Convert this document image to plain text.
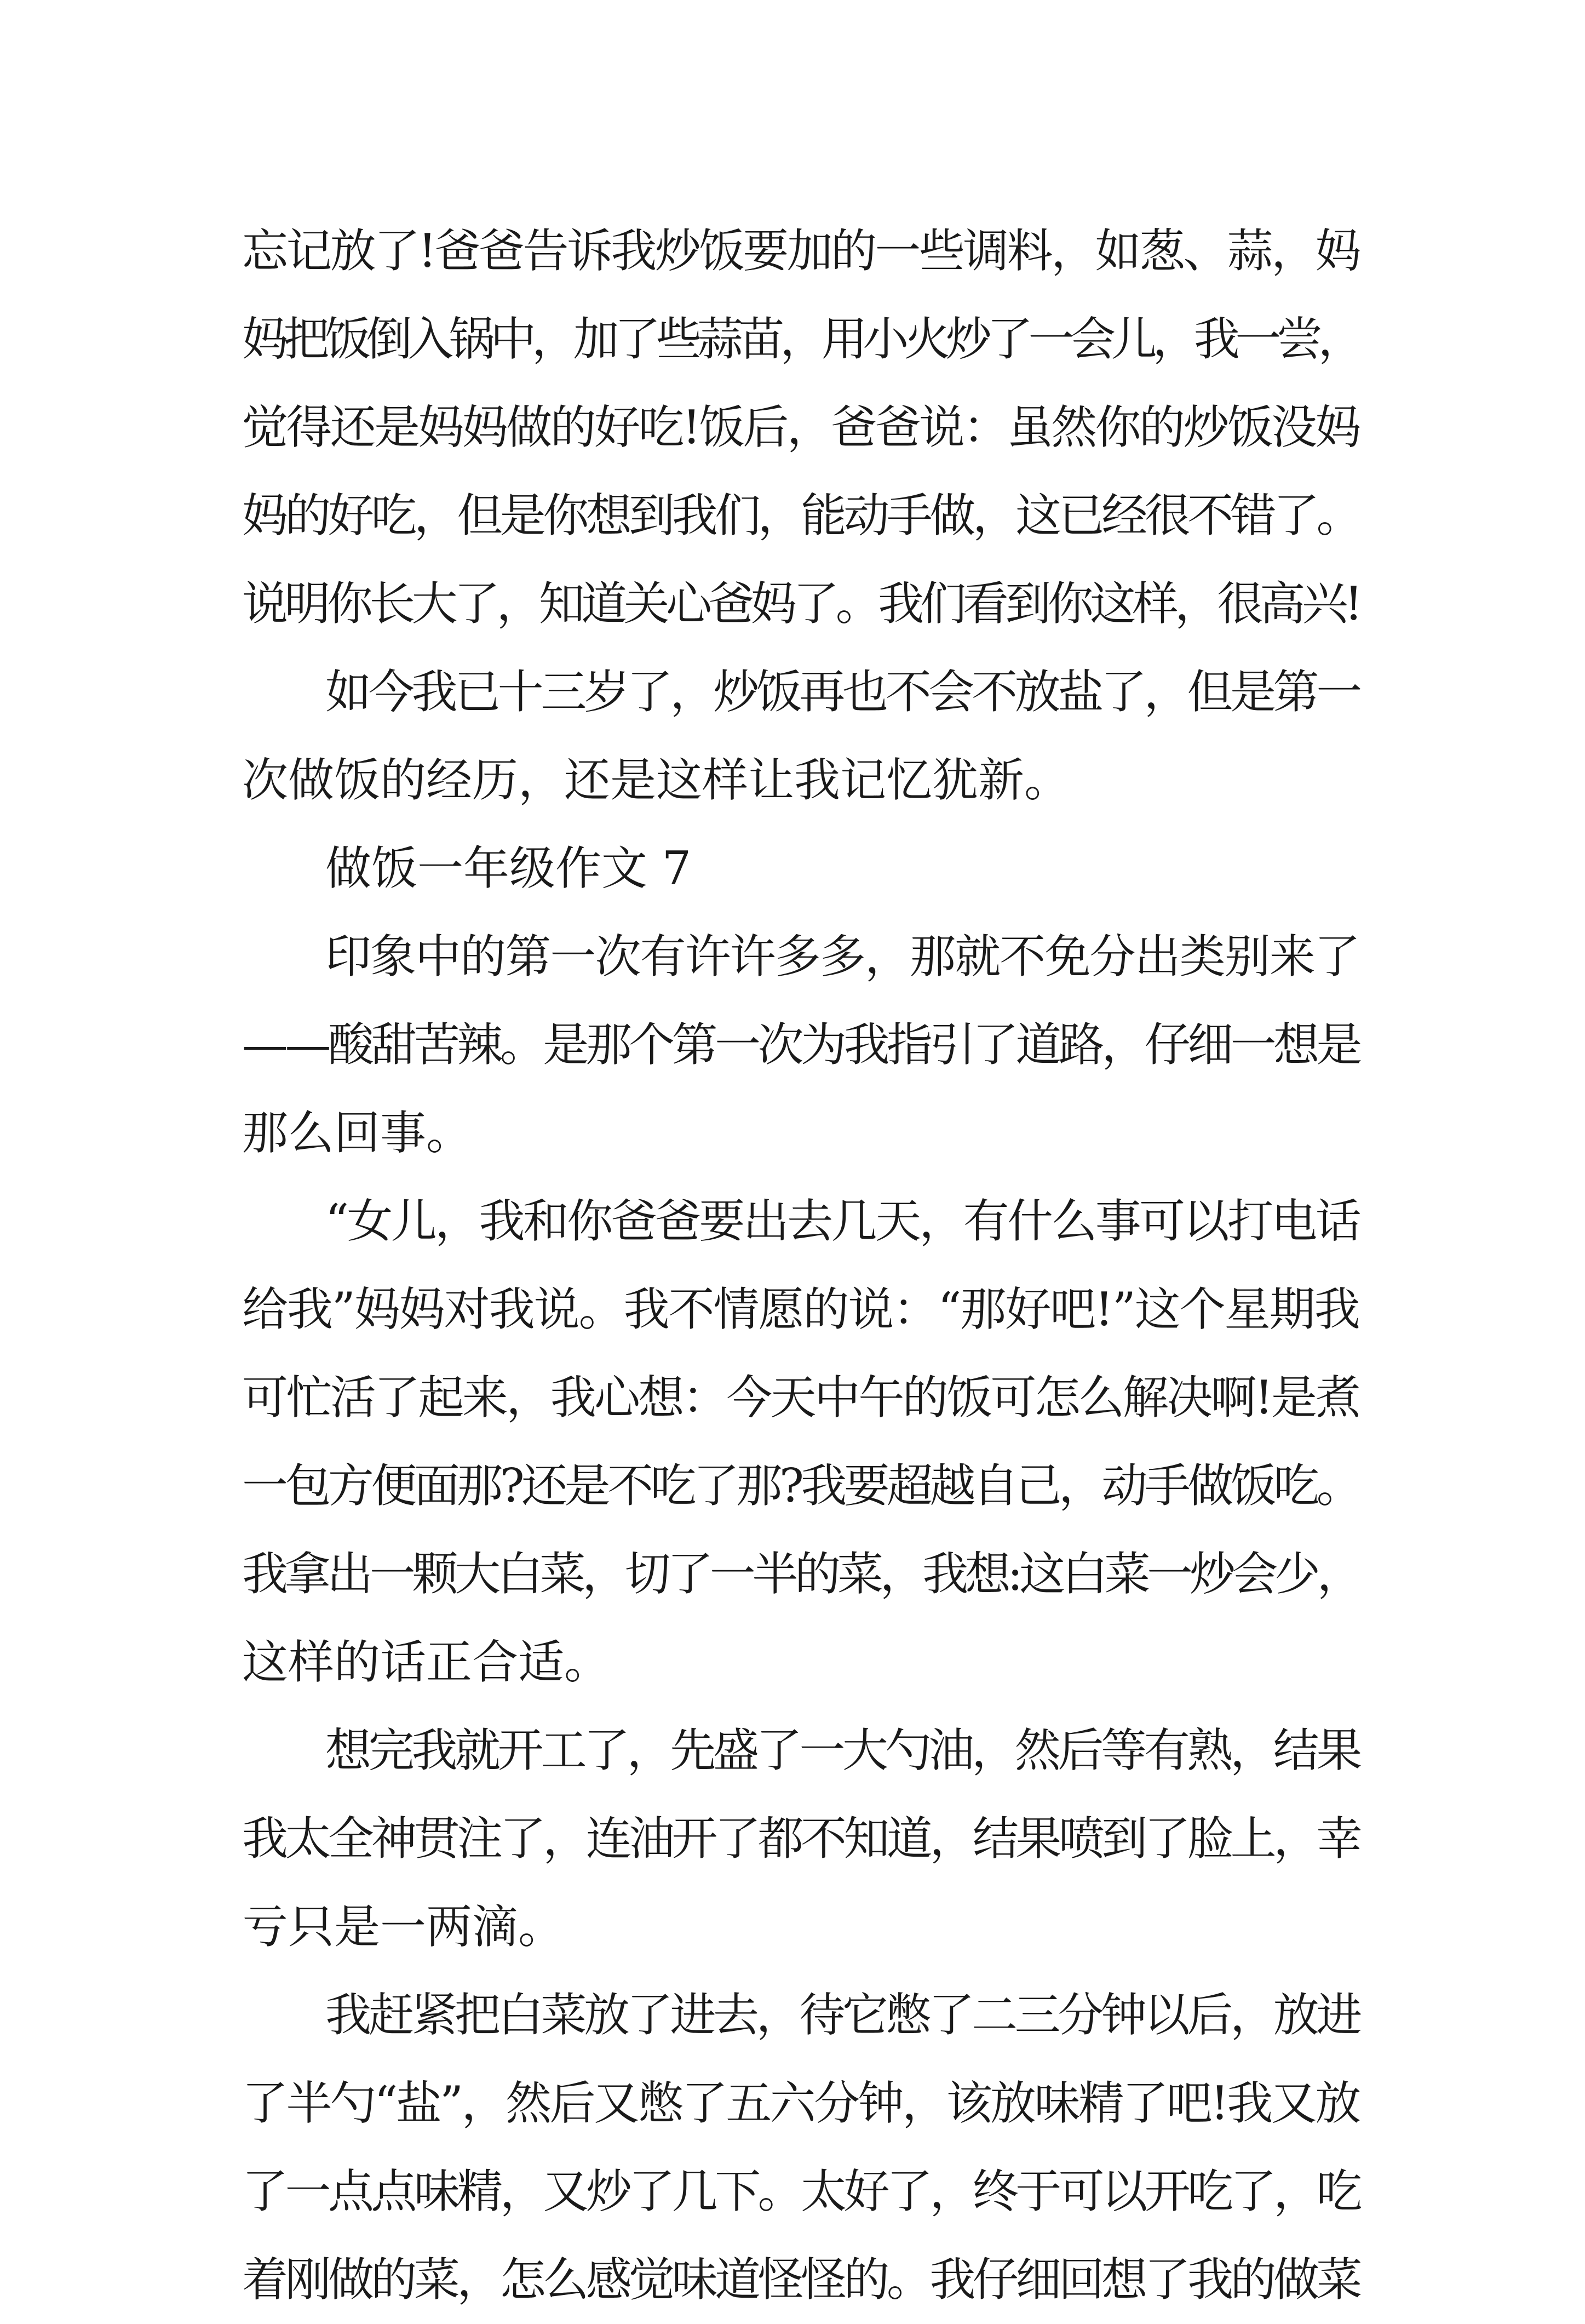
忘记放了!爸爸告诉我炒饭要加的一些调料，如葱、蒜，妈
妈把饭倒入锅中，加了些蒜苗，用小火炒了一会儿，我一尝，
觉得还是妈妈做的好吃!饭后，爸爸说：虽然你的炒饭没妈
妈的好吃，但是你想到我们，能动手做，这已经很不错了。
说明你长大了，知道关心爸妈了。我们看到你这样，很高兴!
如今我已十三岁了，炒饭再也不会不放盐了，但是第一
次做饭的经历，还是这样让我记忆犹新。
做饭一年级作文 7
印象中的第一次有许许多多，那就不免分出类别来了
——酸甜苦辣。是那个第一次为我指引了道路，仔细一想是
那么回事。
“女儿，我和你爸爸要出去几天，有什么事可以打电话
给我”妈妈对我说。我不情愿的说：“那好吧!”这个星期我
可忙活了起来，我心想：今天中午的饭可怎么解决啊!是煮
一包方便面那?还是不吃了那?我要超越自己，动手做饭吃。
我拿出一颗大白菜，切了一半的菜，我想:这白菜一炒会少，
这样的话正合适。
想完我就开工了，先盛了一大勺油，然后等有熟，结果
我太全神贯注了，连油开了都不知道，结果喷到了脸上，幸
亏只是一两滴。
我赶紧把白菜放了进去，待它憋了二三分钟以后，放进
了半勺“盐”，然后又憋了五六分钟，该放味精了吧!我又放
了一点点味精，又炒了几下。太好了，终于可以开吃了，吃
着刚做的菜，怎么感觉味道怪怪的。我仔细回想了我的做菜
